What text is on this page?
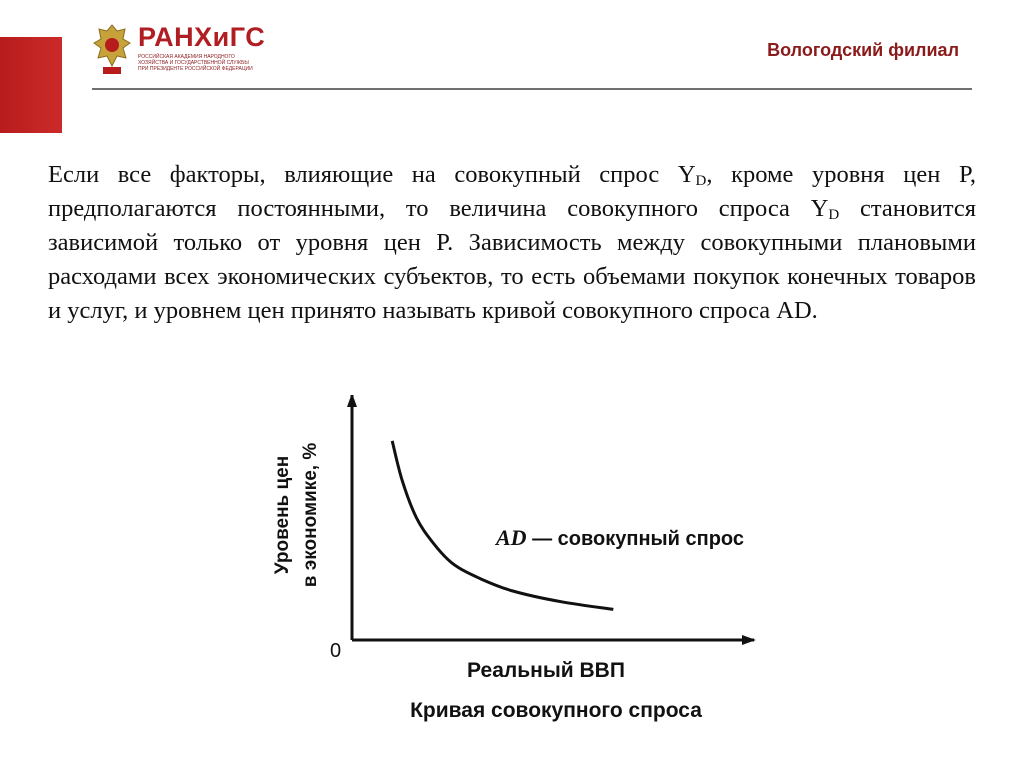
РАНХиГС
РОССИЙСКАЯ АКАДЕМИЯ НАРОДНОГО ХОЗЯЙСТВА И ГОСУДАРСТВЕННОЙ СЛУЖБЫ ПРИ ПРЕЗИДЕНТЕ РОССИЙСКОЙ ФЕДЕРАЦИИ
Вологодский филиал
Если все факторы, влияющие на совокупный спрос $Y_D$, кроме уровня цен P, предполагаются постоянными, то величина совокупного спроса $Y_D$ становится зависимой только от уровня цен P. Зависимость между совокупными плановыми расходами всех экономических субъектов, то есть объемами покупок конечных товаров и услуг, и уровнем цен принято называть кривой совокупного спроса AD.
0
Уровень цен в экономике, %
Реальный ВВП
Кривая совокупного спроса
AD — совокупный спрос
